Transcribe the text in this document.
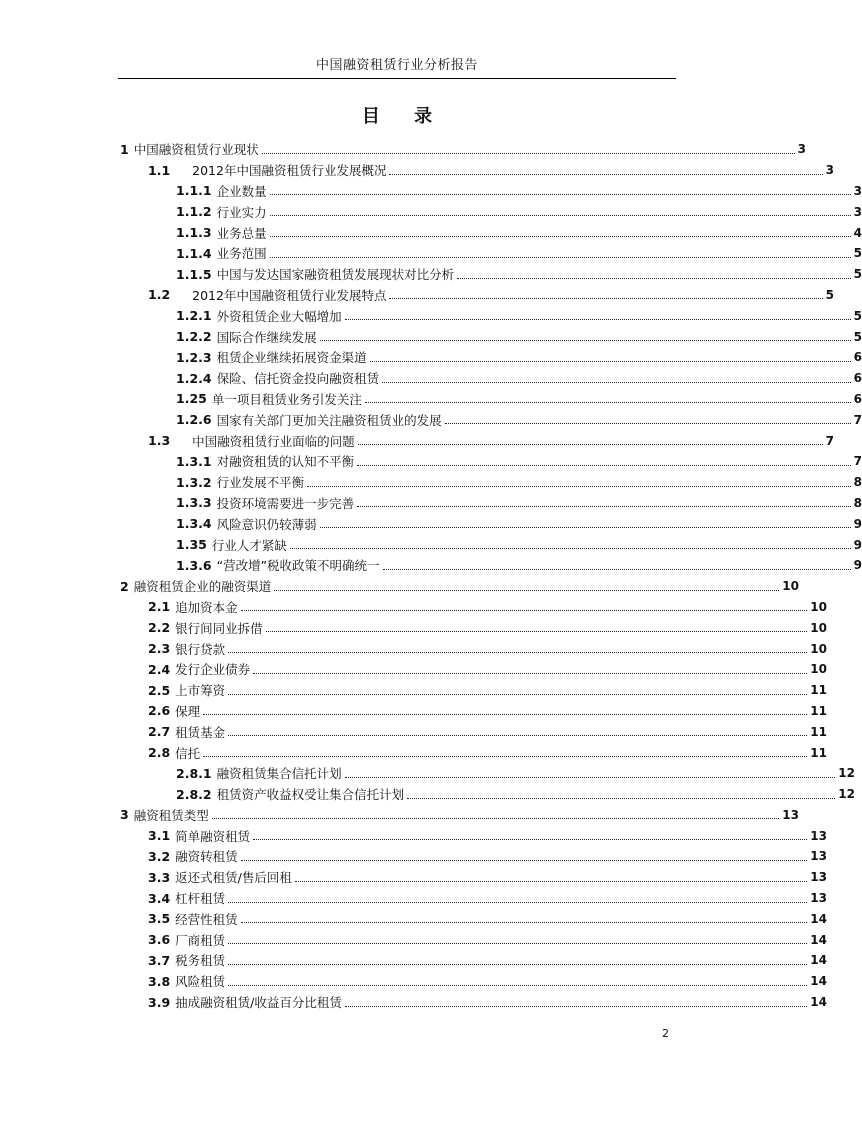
中国融资租赁行业分析报告
目 录
1 中国融资租赁行业现状	3
1.1 2012年中国融资租赁行业发展概况	3
1.1.1 企业数量	3
1.1.2 行业实力	3
1.1.3 业务总量	4
1.1.4 业务范围	5
1.1.5 中国与发达国家融资租赁发展现状对比分析	5
1.2 2012年中国融资租赁行业发展特点	5
1.2.1 外资租赁企业大幅增加	5
1.2.2 国际合作继续发展	5
1.2.3 租赁企业继续拓展资金渠道	6
1.2.4 保险、信托资金投向融资租赁	6
1.25 单一项目租赁业务引发关注	6
1.2.6 国家有关部门更加关注融资租赁业的发展	7
1.3 中国融资租赁行业面临的问题	7
1.3.1 对融资租赁的认知不平衡	7
1.3.2 行业发展不平衡	8
1.3.3 投资环境需要进一步完善	8
1.3.4 风险意识仍较薄弱	9
1.35 行业人才紧缺	9
1.3.6 “营改增”税收政策不明确统一	9
2 融资租赁企业的融资渠道	10
2.1 追加资本金	10
2.2 银行间同业拆借	10
2.3 银行贷款	10
2.4 发行企业债券	10
2.5 上市筹资	11
2.6 保理	11
2.7 租赁基金	11
2.8 信托	11
2.8.1 融资租赁集合信托计划	12
2.8.2 租赁资产收益权受让集合信托计划	12
3 融资租赁类型	13
3.1 简单融资租赁	13
3.2 融资转租赁	13
3.3 返还式租赁/售后回租	13
3.4 杠杆租赁	13
3.5 经营性租赁	14
3.6 厂商租赁	14
3.7 税务租赁	14
3.8 风险租赁	14
3.9 抽成融资租赁/收益百分比租赁	14
2
